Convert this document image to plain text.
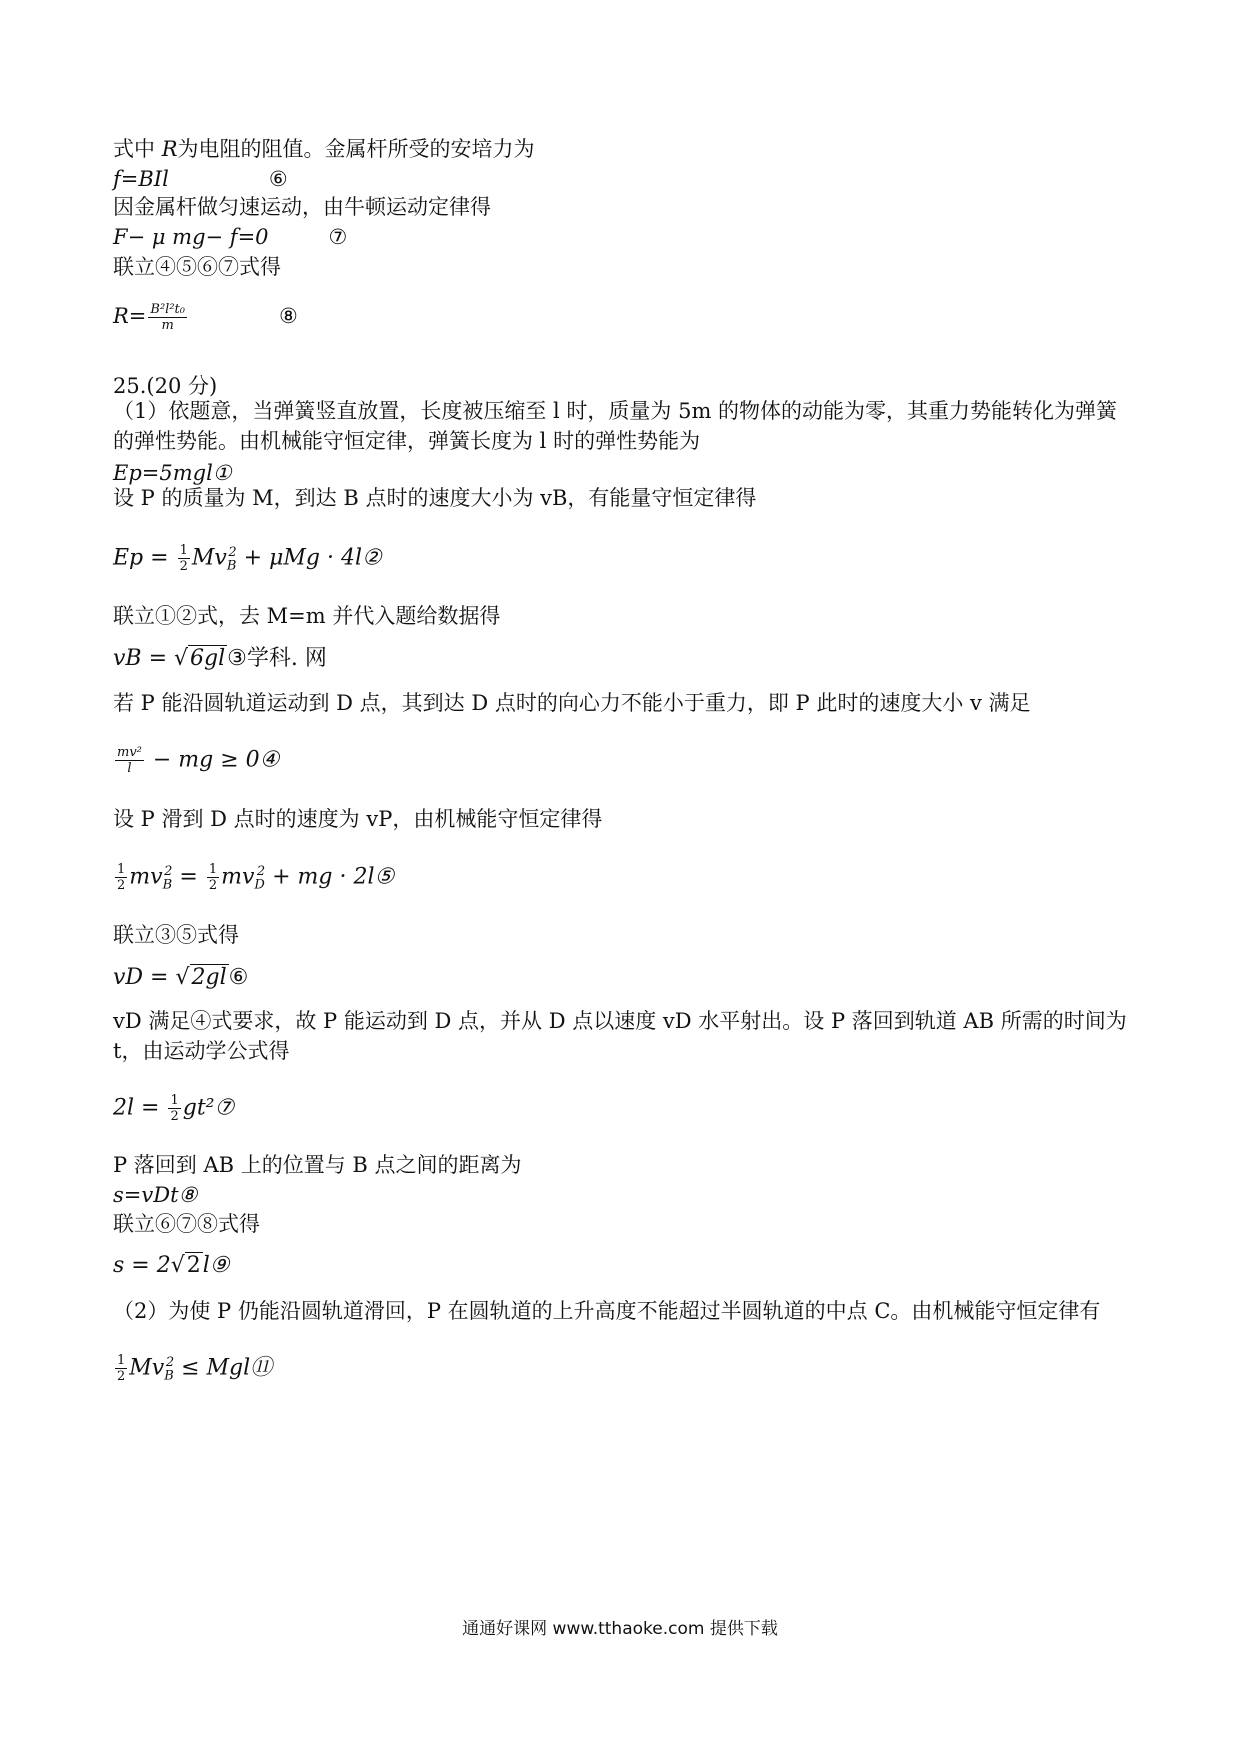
式中 R为电阻的阻值。金属杆所受的安培力为
f=BIl	⑥
因金属杆做匀速运动，由牛顿运动定律得
F− μ mg− f=0	⑦
联立④⑤⑥⑦式得
$R= \frac{\text{B²l²t₀}}{m}$	⑧
25.(20 分)
（1）依题意，当弹簧竖直放置，长度被压缩至 l 时，质量为 5m 的物体的动能为零，其重力势能转化为弹簧的弹性势能。由机械能守恒定律，弹簧长度为 l 时的弹性势能为
Ep=5mgl①
设 P 的质量为 M，到达 B 点时的速度大小为 vB，有能量守恒定律得
$Ep = \frac{1}{2} Mv_B^2 + \mu Mg$ · 4l②
联立①②式，去 M=m 并代入题给数据得
vB = √6gl③学科. 网
若 P 能沿圆轨道运动到 D 点，其到达 D 点时的向心力不能小于重力，即 P 此时的速度大小 v 满足
$\frac{\text{mv²}}{l}$ − mg ≥ 0④
设 P 滑到 D 点时的速度为 vP，由机械能守恒定律得
$\frac{1}{2} mv_B^2 = \frac{1}{2} mv_D^2$ + mg · 2l⑤
联立③⑤式得
vD = √2gl⑥
vD 满足④式要求，故 P 能运动到 D 点，并从 D 点以速度 vD 水平射出。设 P 落回到轨道 AB 所需的时间为 t，由运动学公式得
$2l = \frac{1}{2}$ gt²⑦
P 落回到 AB 上的位置与 B 点之间的距离为
s=vDt⑧
联立⑥⑦⑧式得
s = 2√2l⑨
（2）为使 P 仍能沿圆轨道滑回，P 在圆轨道的上升高度不能超过半圆轨道的中点 C。由机械能守恒定律有
$\frac{1}{2} Mv_B^2$ ≤ Mgl⑪
通通好课网 www.tthaoke.com 提供下载
